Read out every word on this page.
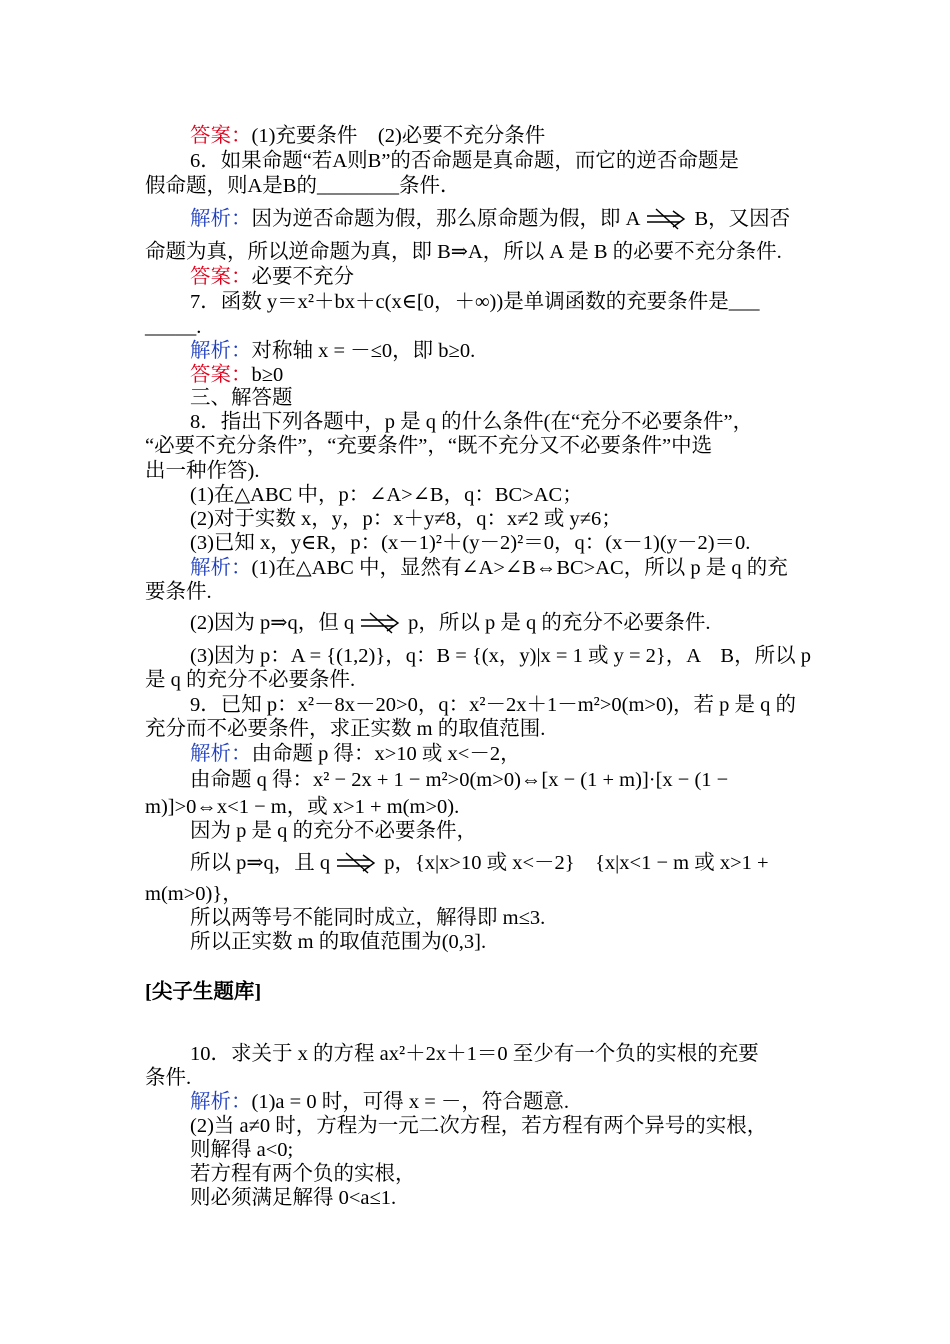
答案：(1)充要条件　(2)必要不充分条件
6．如果命题“若A则B”的否命题是真命题，而它的逆否命题是
假命题，则A是B的________条件．
解析：因为逆否命题为假，那么原命题为假，即 A	B，又因否
命题为真，所以逆命题为真，即 B⇒A，所以 A 是 B 的必要不充分条件.
答案：必要不充分
7．函数 y＝x²＋bx＋c(x∈[0，＋∞))是单调函数的充要条件是___
_____.
解析：对称轴 x = －≤0，即 b≥0.
答案：b≥0
三、解答题
8．指出下列各题中，p 是 q 的什么条件(在“充分不必要条件”，
“必要不充分条件”，“充要条件”，“既不充分又不必要条件”中选
出一种作答).
(1)在△ABC 中，p：∠A>∠B，q：BC>AC；
(2)对于实数 x，y，p：x＋y≠8，q：x≠2 或 y≠6；
(3)已知 x，y∈R，p：(x－1)²＋(y－2)²＝0，q：(x－1)(y－2)＝0.
解析：(1)在△ABC 中，显然有∠A>∠B⇔BC>AC，所以 p 是 q 的充
要条件.
(2)因为 p⇒q，但 q	p，所以 p 是 q 的充分不必要条件.
(3)因为 p：A = {(1,2)}，q：B = {(x，y)|x = 1 或 y = 2}，A　B，所以 p
是 q 的充分不必要条件.
9．已知 p：x²－8x－20>0，q：x²－2x＋1－m²>0(m>0)，若 p 是 q 的
充分而不必要条件，求正实数 m 的取值范围.
解析：由命题 p 得：x>10 或 x<－2，
由命题 q 得：x² − 2x + 1 − m²>0(m>0)⇔[x − (1 + m)]·[x − (1 −
m)]>0⇔x<1 − m，或 x>1 + m(m>0).
因为 p 是 q 的充分不必要条件，
所以 p⇒q，且 q	p，{x|x>10 或 x<－2}　{x|x<1 − m 或 x>1 +
m(m>0)}，
所以两等号不能同时成立，解得即 m≤3.
所以正实数 m 的取值范围为(0,3].
[尖子生题库]
10．求关于 x 的方程 ax²＋2x＋1＝0 至少有一个负的实根的充要
条件.
解析：(1)a = 0 时，可得 x = －，符合题意.
(2)当 a≠0 时，方程为一元二次方程，若方程有两个异号的实根，
则解得 a<0;
若方程有两个负的实根，
则必须满足解得 0<a≤1.
